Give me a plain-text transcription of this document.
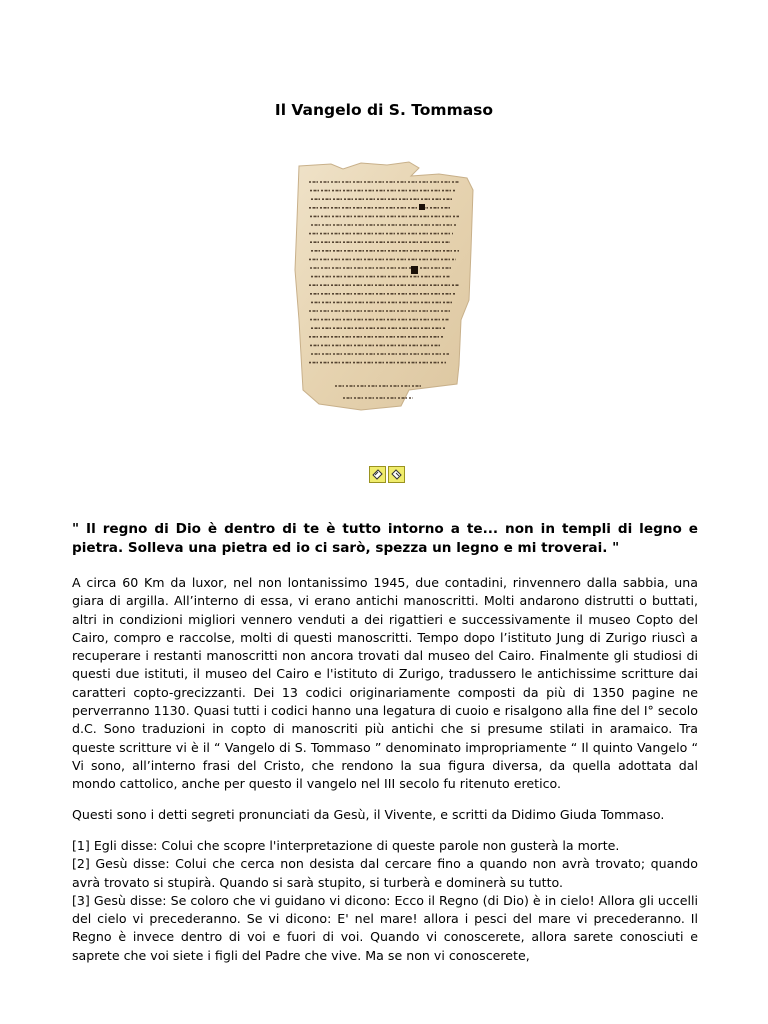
Il Vangelo di S. Tommaso
" Il regno di Dio è dentro di te è tutto intorno a te... non in templi di legno e pietra. Solleva una pietra ed io ci sarò, spezza un legno e mi troverai. "
A circa 60 Km da luxor, nel non lontanissimo 1945, due contadini, rinvennero dalla sabbia, una giara di argilla. All’interno di essa, vi erano antichi manoscritti. Molti andarono distrutti o buttati, altri in condizioni migliori vennero venduti a dei rigattieri e successivamente il museo Copto del Cairo, compro e raccolse, molti di questi manoscritti. Tempo dopo l’istituto Jung di Zurigo riuscì a recuperare i restanti manoscritti non ancora trovati dal museo del Cairo. Finalmente gli studiosi di questi due istituti, il museo del Cairo e l'istituto di Zurigo, tradussero le antichissime scritture dai caratteri copto-grecizzanti. Dei 13 codici originariamente composti da più di 1350 pagine ne perverranno 1130. Quasi tutti i codici hanno una legatura di cuoio e risalgono alla fine del I° secolo d.C. Sono traduzioni in copto di manoscriti più antichi che si presume stilati in aramaico. Tra queste scritture vi è il “ Vangelo di S. Tommaso ” denominato impropriamente “ Il quinto Vangelo “ Vi sono, all’interno frasi del Cristo, che rendono la sua figura diversa, da quella adottata dal mondo cattolico, anche per questo il vangelo nel III secolo fu ritenuto eretico.
Questi sono i detti segreti pronunciati da Gesù, il Vivente, e scritti da Didimo Giuda Tommaso.

[1] Egli disse: Colui che scopre l'interpretazione di queste parole non gusterà la morte.

[2] Gesù disse: Colui che cerca non desista dal cercare fino a quando non avrà trovato; quando avrà trovato si stupirà. Quando si sarà stupito, si turberà e dominerà su tutto.

[3] Gesù disse: Se coloro che vi guidano vi dicono: Ecco il Regno (di Dio) è in cielo! Allora gli uccelli del cielo vi precederanno. Se vi dicono: E' nel mare! allora i pesci del mare vi precederanno. Il Regno è invece dentro di voi e fuori di voi. Quando vi conoscerete, allora sarete conosciuti e saprete che voi siete i figli del Padre che vive. Ma se non vi conoscerete,
